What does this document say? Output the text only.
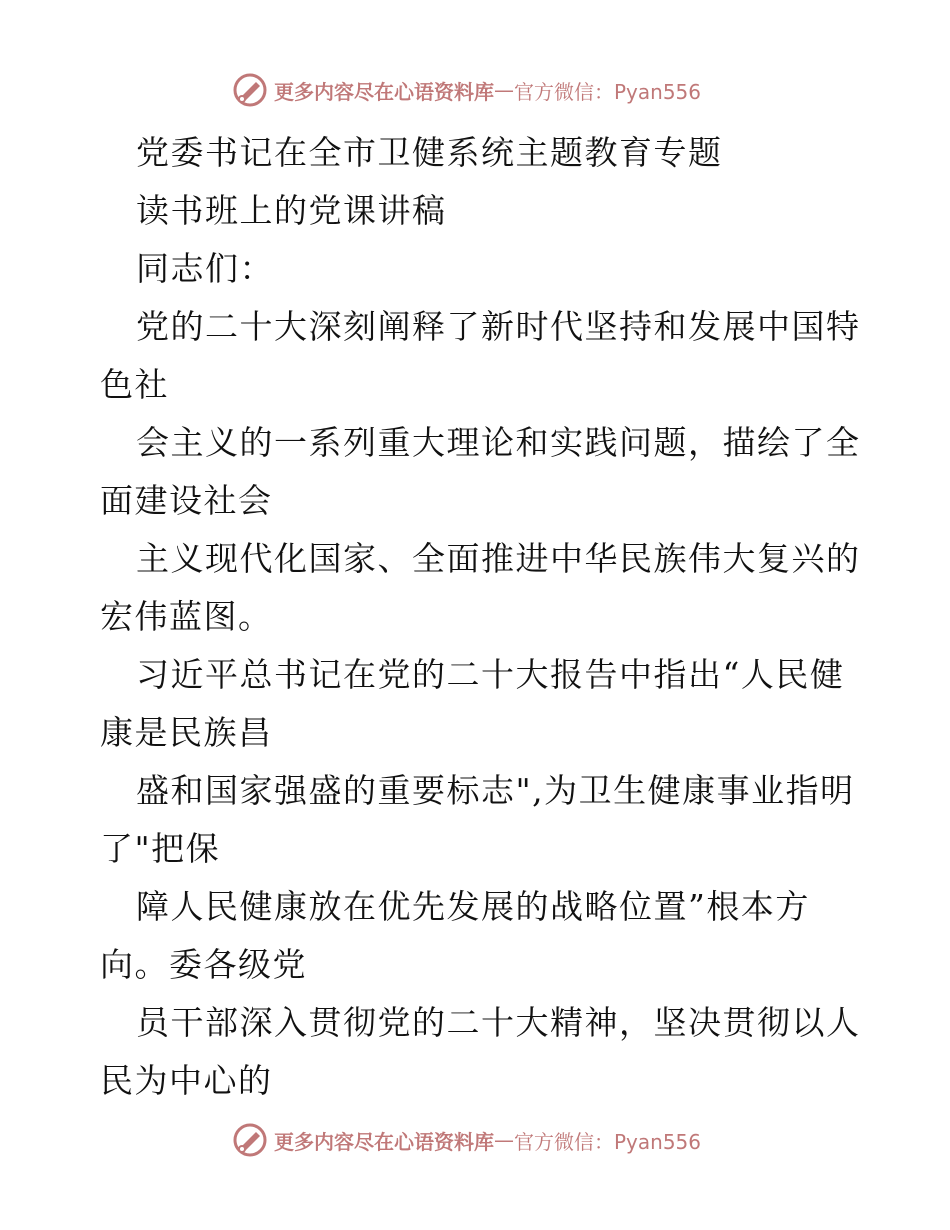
更多内容尽在心语资料库 — 官方微信：Pyan556
党委书记在全市卫健系统主题教育专题
读书班上的党课讲稿
同志们：
党的二十大深刻阐释了新时代坚持和发展中国特
色社
会主义的一系列重大理论和实践问题，描绘了全
面建设社会
主义现代化国家、全面推进中华民族伟大复兴的
宏伟蓝图。
习近平总书记在党的二十大报告中指出“人民健
康是民族昌
盛和国家强盛的重要标志",为卫生健康事业指明
了"把保
障人民健康放在优先发展的战略位置”根本方
向。委各级党
员干部深入贯彻党的二十大精神，坚决贯彻以人
民为中心的
更多内容尽在心语资料库 — 官方微信：Pyan556
